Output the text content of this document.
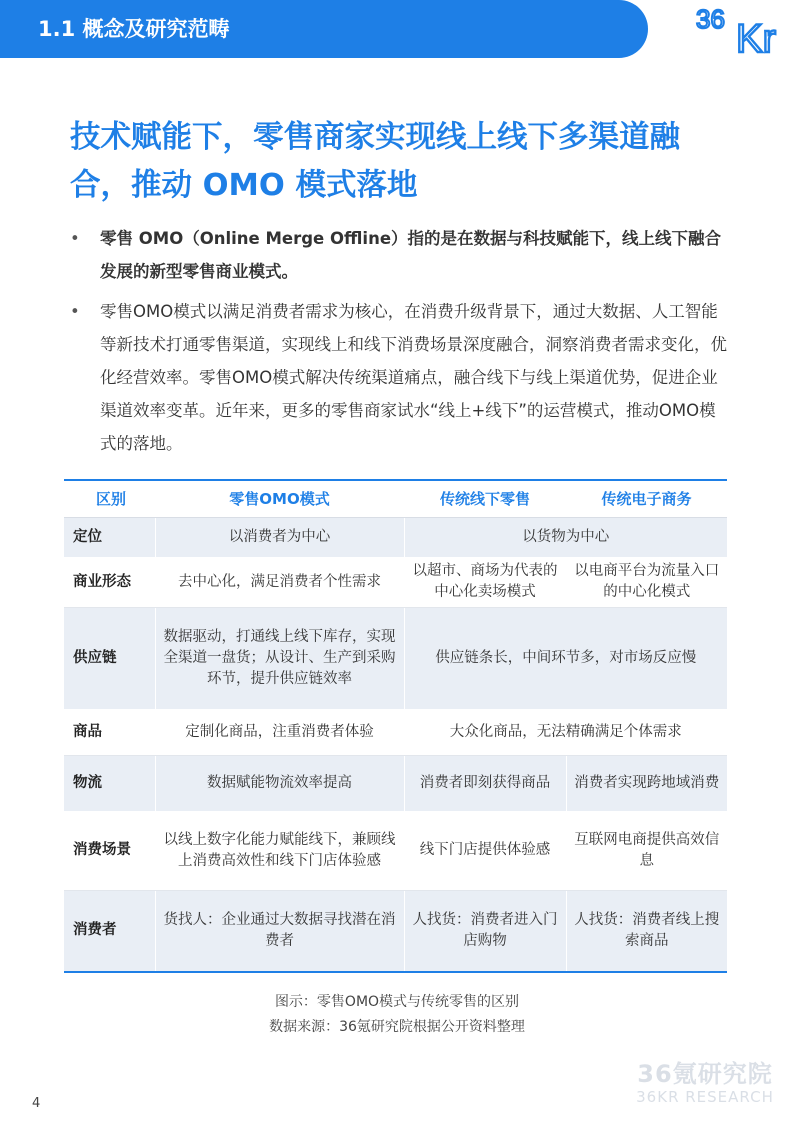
1.1 概念及研究范畴	36 Kr
技术赋能下，零售商家实现线上线下多渠道融合，推动 OMO 模式落地
• 零售 OMO（Online Merge Offline）指的是在数据与科技赋能下，线上线下融合发展的新型零售商业模式。
• 零售OMO模式以满足消费者需求为核心，在消费升级背景下，通过大数据、人工智能等新技术打通零售渠道，实现线上和线下消费场景深度融合，洞察消费者需求变化，优化经营效率。零售OMO模式解决传统渠道痛点，融合线下与线上渠道优势，促进企业渠道效率变革。近年来，更多的零售商家试水“线上+线下”的运营模式，推动OMO模式的落地。
区别	零售OMO模式	传统线下零售	传统电子商务
定位	以消费者为中心	以货物为中心	
商业形态	去中心化，满足消费者个性需求	以超市、商场为代表的中心化卖场模式	以电商平台为流量入口的中心化模式
供应链	数据驱动，打通线上线下库存，实现全渠道一盘货；从设计、生产到采购环节，提升供应链效率	供应链条长，中间环节多，对市场反应慢	
商品	定制化商品，注重消费者体验	大众化商品，无法精确满足个体需求	
物流	数据赋能物流效率提高	消费者即刻获得商品	消费者实现跨地域消费
消费场景	以线上数字化能力赋能线下，兼顾线上消费高效性和线下门店体验感	线下门店提供体验感	互联网电商提供高效信息
消费者	货找人：企业通过大数据寻找潜在消费者	人找货：消费者进入门店购物	人找货：消费者线上搜索商品
图示：零售OMO模式与传统零售的区别
数据来源：36氪研究院根据公开资料整理
36氪研究院
36KR RESEARCH
4
